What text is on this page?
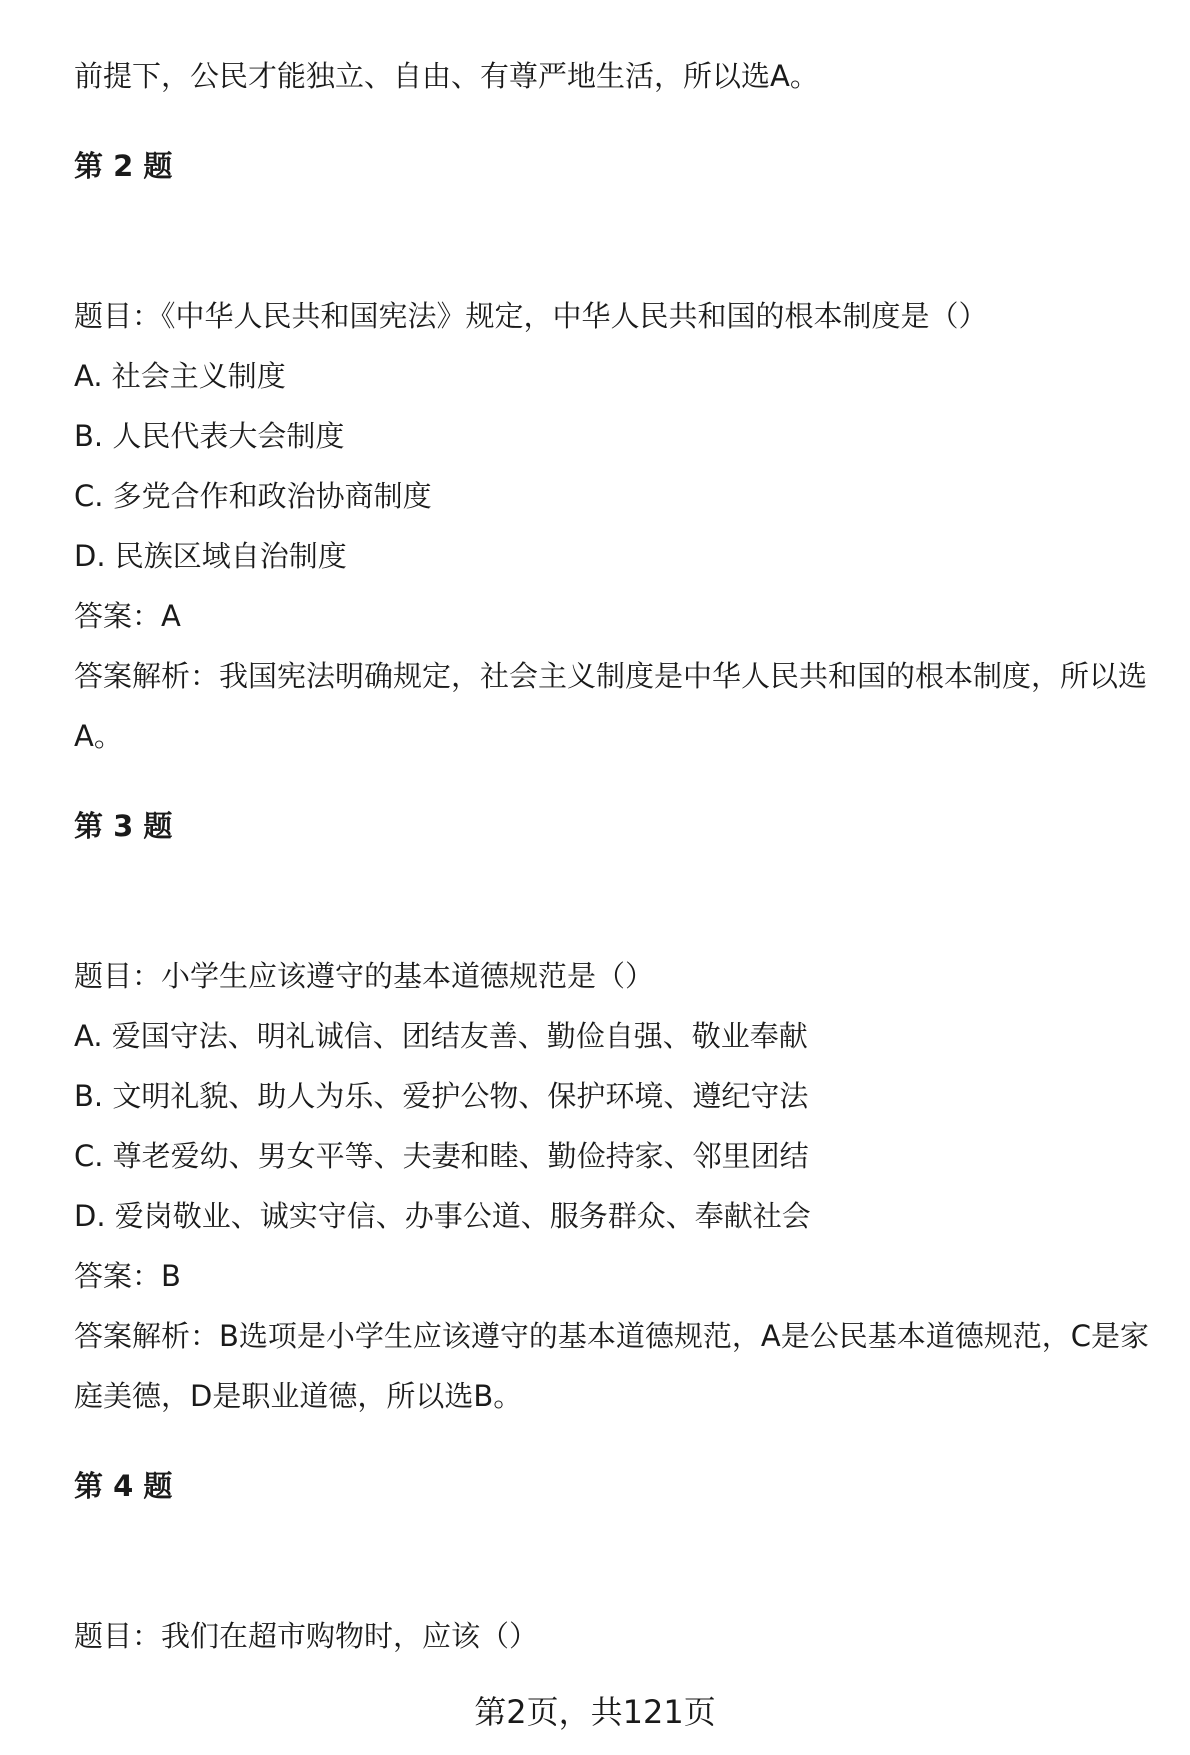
前提下，公民才能独立、自由、有尊严地生活，所以选A。

第 2 题

题目：《中华人民共和国宪法》规定，中华人民共和国的根本制度是（）

A. 社会主义制度

B. 人民代表大会制度

C. 多党合作和政治协商制度

D. 民族区域自治制度

答案：A

答案解析：我国宪法明确规定，社会主义制度是中华人民共和国的根本制度，所以选A。

第 3 题

题目：小学生应该遵守的基本道德规范是（）

A. 爱国守法、明礼诚信、团结友善、勤俭自强、敬业奉献

B. 文明礼貌、助人为乐、爱护公物、保护环境、遵纪守法

C. 尊老爱幼、男女平等、夫妻和睦、勤俭持家、邻里团结

D. 爱岗敬业、诚实守信、办事公道、服务群众、奉献社会

答案：B

答案解析：B选项是小学生应该遵守的基本道德规范，A是公民基本道德规范，C是家庭美德，D是职业道德，所以选B。

第 4 题

题目：我们在超市购物时，应该（）

第2页，共121页
